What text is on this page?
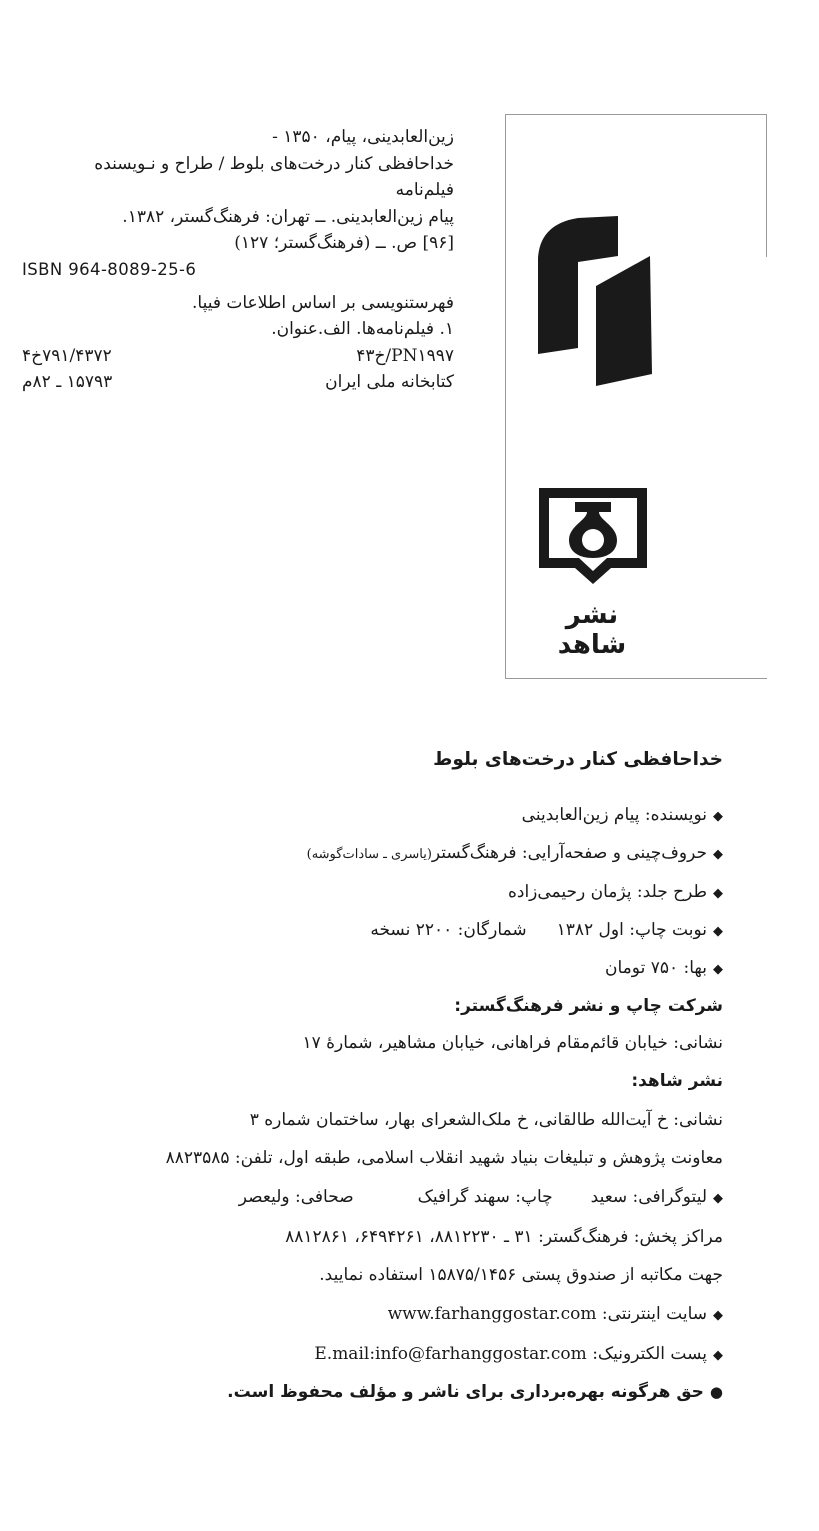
زین‌العابدینی، پیام، ۱۳۵۰ -
خداحافظی کنار درخت‌های بلوط / طراح و نـویسنده
فیلم‌نامه
پیام زین‌العابدینی. ــ تهران: فرهنگ‌گستر، ۱۳۸۲.
[۹۶] ص. ــ (فرهنگ‌گستر؛ ۱۲۷)
ISBN 964-8089-25-6
فهرستنویسی بر اساس اطلاعات فیپا.
۱. فیلم‌نامه‌ها. الف.عنوان.
۷۹۱/۴۳۷۲خ۴	PN۱۹۹۷/خ۴۳
۱۵۷۹۳ ـ ۸۲م	کتابخانه ملی ایران
نشر شاهد
خداحافظی کنار درخت‌های بلوط
◆نویسنده: پیام زین‌العابدینی
◆حروف‌چینی و صفحه‌آرایی: فرهنگ‌گستر(یاسری ـ سادات‌گوشه)
◆طرح جلد: پژمان رحیمی‌زاده
◆نوبت چاپ: اول ۱۳۸۲شمارگان: ۲۲۰۰ نسخه
◆بها: ۷۵۰ تومان
شرکت چاپ و نشر فرهنگ‌گستر:
نشانی: خیابان قائم‌مقام فراهانی، خیابان مشاهیر، شمارهٔ ۱۷
نشر شاهد:
نشانی: خ آیت‌الله طالقانی، خ ملک‌الشعرای بهار، ساختمان شماره ۳
معاونت پژوهش و تبلیغات بنیاد شهید انقلاب اسلامی، طبقه اول، تلفن: ۸۸۲۳۵۸۵
◆لیتوگرافی: سعیدچاپ: سهند گرافیکصحافی: ولیعصر
مراکز پخش: فرهنگ‌گستر: ۳۱ ـ ۸۸۱۲۲۳۰، ۶۴۹۴۲۶۱، ۸۸۱۲۸۶۱
جهت مکاتبه از صندوق پستی ۱۵۸۷۵/۱۴۵۶ استفاده نمایید.
◆سایت اینترنتی: www.farhanggostar.com
◆پست الکترونیک: E.mail:info@farhanggostar.com
●حق هرگونه بهره‌برداری برای ناشر و مؤلف محفوظ است.
